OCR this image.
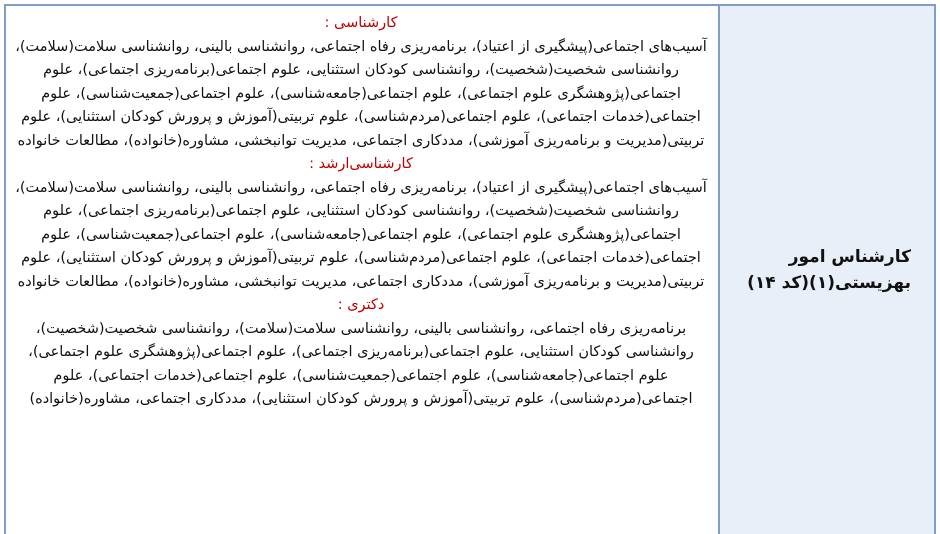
کارشناس امور بهزیستی(۱)(کد ۱۴)
کارشناسی :
آسیب‌های اجتماعی(پیشگیری از اعتیاد)، برنامه‌ریزی رفاه اجتماعی، روانشناسی بالینی، روانشناسی سلامت(سلامت)، روانشناسی شخصیت(شخصیت)، روانشناسی کودکان استثنایی، علوم اجتماعی(برنامه‌ریزی اجتماعی)، علوم اجتماعی(پژوهشگری علوم اجتماعی)، علوم اجتماعی(جامعه‌شناسی)، علوم اجتماعی(جمعیت‌شناسی)، علوم اجتماعی(خدمات اجتماعی)، علوم اجتماعی(مردم‌شناسی)، علوم تربیتی(آموزش و پرورش کودکان استثنایی)، علوم تربیتی(مدیریت و برنامه‌ریزی آموزشی)، مددکاری اجتماعی، مدیریت توانبخشی، مشاوره(خانواده)، مطالعات خانواده
کارشناسی‌ارشد :
آسیب‌های اجتماعی(پیشگیری از اعتیاد)، برنامه‌ریزی رفاه اجتماعی، روانشناسی بالینی، روانشناسی سلامت(سلامت)، روانشناسی شخصیت(شخصیت)، روانشناسی کودکان استثنایی، علوم اجتماعی(برنامه‌ریزی اجتماعی)، علوم اجتماعی(پژوهشگری علوم اجتماعی)، علوم اجتماعی(جامعه‌شناسی)، علوم اجتماعی(جمعیت‌شناسی)، علوم اجتماعی(خدمات اجتماعی)، علوم اجتماعی(مردم‌شناسی)، علوم تربیتی(آموزش و پرورش کودکان استثنایی)، علوم تربیتی(مدیریت و برنامه‌ریزی آموزشی)، مددکاری اجتماعی، مدیریت توانبخشی، مشاوره(خانواده)، مطالعات خانواده
دکتری :
برنامه‌ریزی رفاه اجتماعی، روانشناسی بالینی، روانشناسی سلامت(سلامت)، روانشناسی شخصیت(شخصیت)، روانشناسی کودکان استثنایی، علوم اجتماعی(برنامه‌ریزی اجتماعی)، علوم اجتماعی(پژوهشگری علوم اجتماعی)، علوم اجتماعی(جامعه‌شناسی)، علوم اجتماعی(جمعیت‌شناسی)، علوم اجتماعی(خدمات اجتماعی)، علوم اجتماعی(مردم‌شناسی)، علوم تربیتی(آموزش و پرورش کودکان استثنایی)، مددکاری اجتماعی، مشاوره(خانواده)
